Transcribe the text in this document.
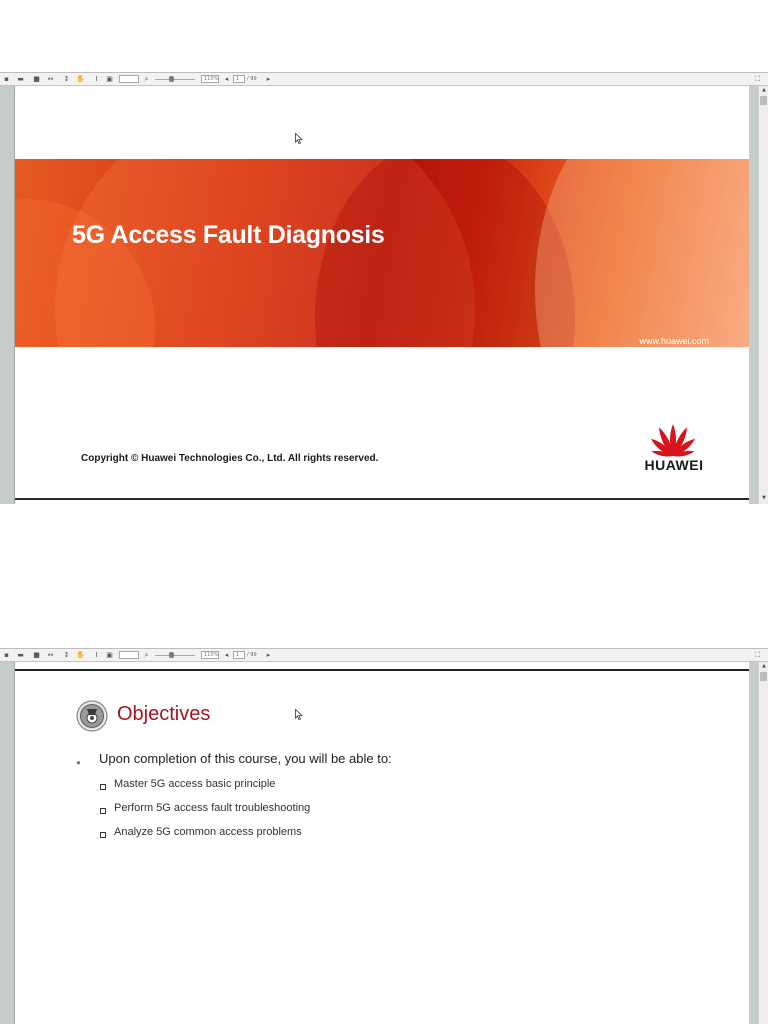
▪	▬	■ ↔ ↕ ✋	I	▣	⌕	110% ◂	1	/ 99	▸	⛶
▲
▼
5G Access Fault Diagnosis
www.huawei.com
Copyright © Huawei Technologies Co., Ltd. All rights reserved.	HUAWEI
▪	▬	■ ↔ ↕ ✋	I	▣	⌕	110% ◂	1	/ 99	▸	⛶
▲
Objectives
● Upon completion of this course, you will be able to:
Master 5G access basic principle
Perform 5G access fault troubleshooting
Analyze 5G common access problems
